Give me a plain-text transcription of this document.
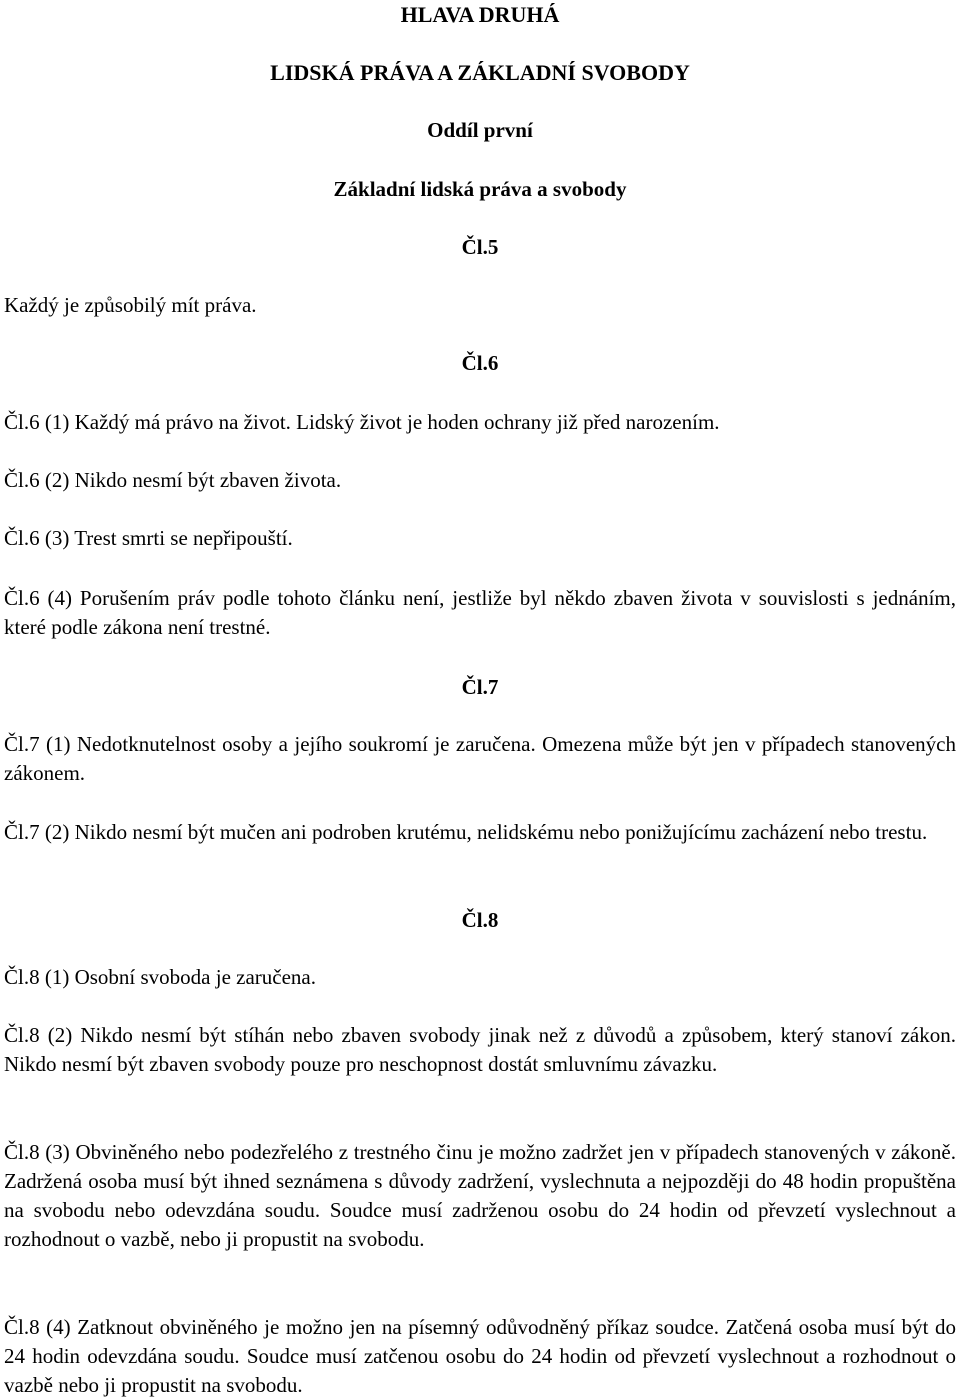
HLAVA DRUHÁ

LIDSKÁ PRÁVA A ZÁKLADNÍ SVOBODY

Oddíl první

Základní lidská práva a svobody

Čl.5

Každý je způsobilý mít práva.

Čl.6

Čl.6 (1) Každý má právo na život. Lidský život je hoden ochrany již před narozením.

Čl.6 (2) Nikdo nesmí být zbaven života.

Čl.6 (3) Trest smrti se nepřipouští.

Čl.6 (4) Porušením práv podle tohoto článku není, jestliže byl někdo zbaven života v souvislosti s jednáním, které podle zákona není trestné.

Čl.7

Čl.7 (1) Nedotknutelnost osoby a jejího soukromí je zaručena. Omezena může být jen v případech stanovených zákonem.

Čl.7 (2) Nikdo nesmí být mučen ani podroben krutému, nelidskému nebo ponižujícímu zacházení nebo trestu.

Čl.8

Čl.8 (1) Osobní svoboda je zaručena.

Čl.8 (2) Nikdo nesmí být stíhán nebo zbaven svobody jinak než z důvodů a způsobem, který stanoví zákon. Nikdo nesmí být zbaven svobody pouze pro neschopnost dostát smluvnímu závazku.

Čl.8 (3) Obviněného nebo podezřelého z trestného činu je možno zadržet jen v případech stanovených v zákoně. Zadržená osoba musí být ihned seznámena s důvody zadržení, vyslechnuta a nejpozději do 48 hodin propuštěna na svobodu nebo odevzdána soudu. Soudce musí zadrženou osobu do 24 hodin od převzetí vyslechnout a rozhodnout o vazbě, nebo ji propustit na svobodu.

Čl.8 (4) Zatknout obviněného je možno jen na písemný odůvodněný příkaz soudce. Zatčená osoba musí být do 24 hodin odevzdána soudu. Soudce musí zatčenou osobu do 24 hodin od převzetí vyslechnout a rozhodnout o vazbě nebo ji propustit na svobodu.
